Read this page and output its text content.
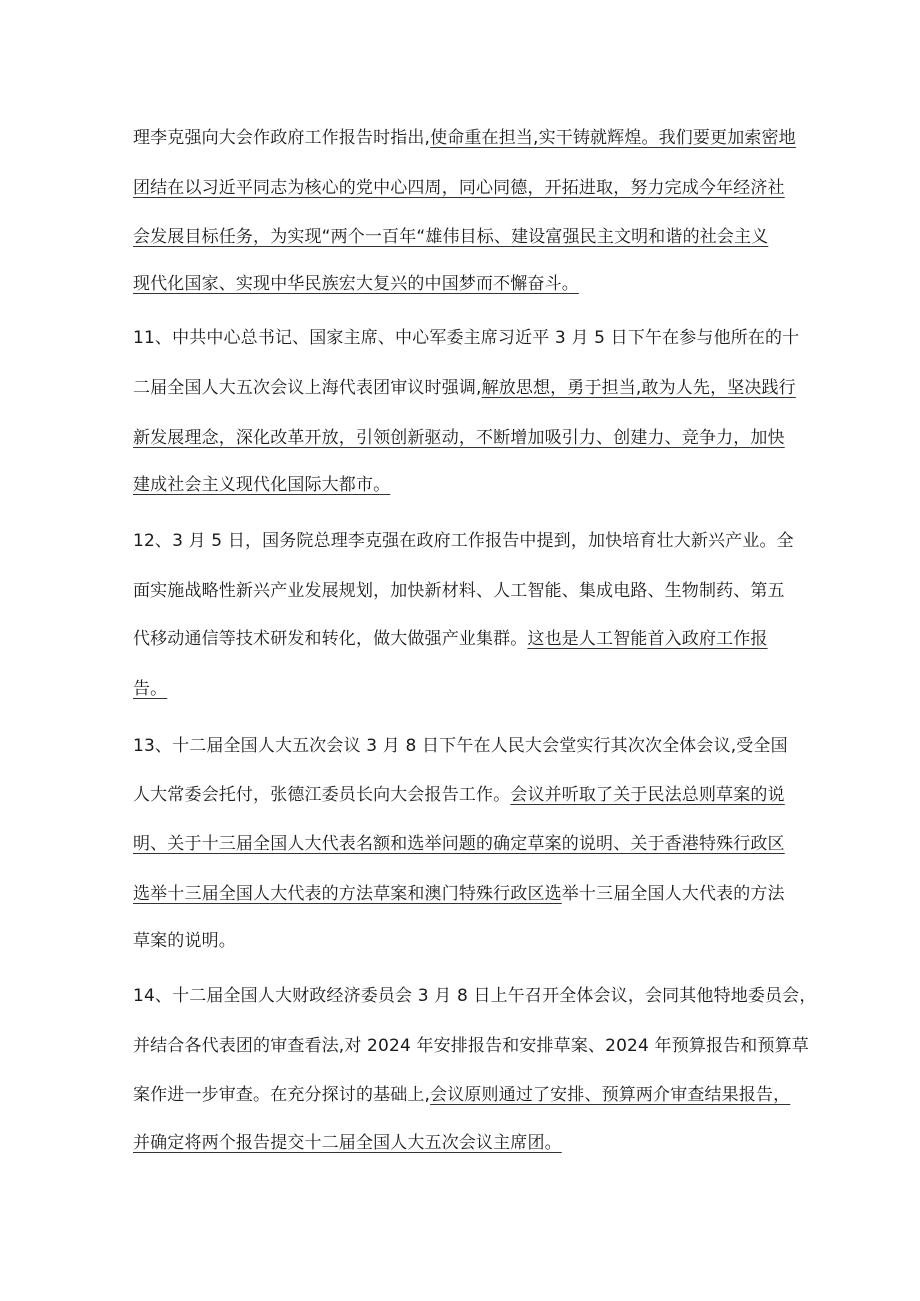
理李克强向大会作政府工作报告时指出,使命重在担当,实干铸就辉煌。我们要更加索密地
团结在以习近平同志为核心的党中心四周，同心同德，开拓进取，努力完成今年经济社
会发展目标任务，为实现“两个一百年“雄伟目标、建设富强民主文明和谐的社会主义
现代化国家、实现中华民族宏大复兴的中国梦而不懈奋斗。
11、中共中心总书记、国家主席、中心军委主席习近平 3 月 5 日下午在参与他所在的十
二届全国人大五次会议上海代表团审议时强调,解放思想，勇于担当,敢为人先，坚决践行
新发展理念，深化改革开放，引领创新驱动，不断增加吸引力、创建力、竞争力，加快
建成社会主义现代化国际大都市。
12、3 月 5 日，国务院总理李克强在政府工作报告中提到，加快培育壮大新兴产业。全
面实施战略性新兴产业发展规划，加快新材料、人工智能、集成电路、生物制药、第五
代移动通信等技术研发和转化，做大做强产业集群。这也是人工智能首入政府工作报
告。
13、十二届全国人大五次会议 3 月 8 日下午在人民大会堂实行其次次全体会议,受全国
人大常委会托付，张德江委员长向大会报告工作。会议并听取了关于民法总则草案的说
明、关于十三届全国人大代表名额和选举问题的确定草案的说明、关于香港特殊行政区
选举十三届全国人大代表的方法草案和澳门特殊行政区选举十三届全国人大代表的方法
草案的说明。
14、十二届全国人大财政经济委员会 3 月 8 日上午召开全体会议，会同其他特地委员会，
并结合各代表团的审查看法,对 2024 年安排报告和安排草案、2024 年预算报告和预算草
案作进一步审查。在充分探讨的基础上,会议原则通过了安排、预算两介审查结果报告，
并确定将两个报告提交十二届全国人大五次会议主席团。
